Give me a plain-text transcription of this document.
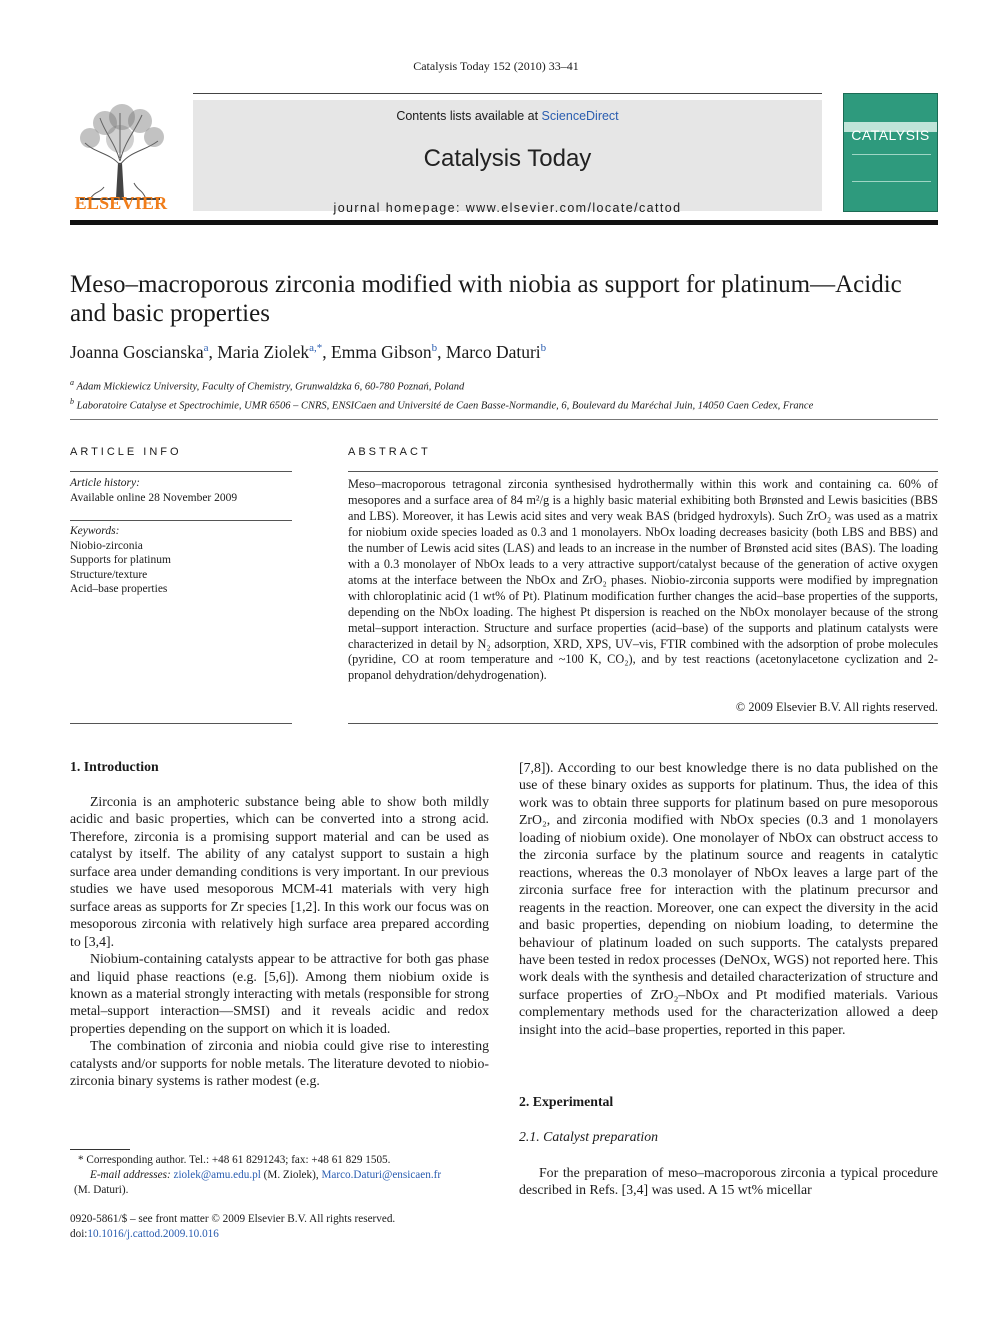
Catalysis Today 152 (2010) 33–41
ELSEVIER
Contents lists available at ScienceDirect
Catalysis Today
journal homepage: www.elsevier.com/locate/cattod
CATALYSIS
Meso–macroporous zirconia modified with niobia as support for platinum—Acidic and basic properties
Joanna Goscianska$^a$, Maria Ziolek$^{a,*}$, Emma Gibson$^b$, Marco Daturi$^b$
$^a$ Adam Mickiewicz University, Faculty of Chemistry, Grunwaldzka 6, 60-780 Poznań, Poland
$^b$ Laboratoire Catalyse et Spectrochimie, UMR 6506 – CNRS, ENSICaen and Université de Caen Basse-Normandie, 6, Boulevard du Maréchal Juin, 14050 Caen Cedex, France
ARTICLE INFO	ABSTRACT
Article history:
Available online 28 November 2009
Keywords:
Niobio-zirconia
Supports for platinum
Structure/texture
Acid–base properties
Meso–macroporous tetragonal zirconia synthesised hydrothermally within this work and containing ca. 60% of mesopores and a surface area of 84 m²/g is a highly basic material exhibiting both Brønsted and Lewis basicities (BBS and LBS). Moreover, it has Lewis acid sites and very weak BAS (bridged hydroxyls). Such ZrO₂ was used as a matrix for niobium oxide species loaded as 0.3 and 1 monolayers. NbOx loading decreases basicity (both LBS and BBS) and the number of Lewis acid sites (LAS) and leads to an increase in the number of Brønsted acid sites (BAS). The loading with a 0.3 monolayer of NbOx leads to a very attractive support/catalyst because of the generation of active oxygen atoms at the interface between the NbOx and ZrO₂ phases. Niobio-zirconia supports were modified by impregnation with chloroplatinic acid (1 wt% of Pt). Platinum modification further changes the acid–base properties of the supports, depending on the NbOx loading. The highest Pt dispersion is reached on the NbOx monolayer because of the strong metal–support interaction. Structure and surface properties (acid–base) of the supports and platinum catalysts were characterized in detail by N₂ adsorption, XRD, XPS, UV–vis, FTIR combined with the adsorption of probe molecules (pyridine, CO at room temperature and ~100 K, CO₂), and by test reactions (acetonylacetone cyclization and 2-propanol dehydration/dehydrogenation).
© 2009 Elsevier B.V. All rights reserved.
1. Introduction

Zirconia is an amphoteric substance being able to show both mildly acidic and basic properties, which can be converted into a strong acid. Therefore, zirconia is a promising support material and can be used as catalyst by itself. The ability of any catalyst support to sustain a high surface area under demanding conditions is very important. In our previous studies we have used mesoporous MCM-41 materials with very high surface areas as supports for Zr species [1,2]. In this work our focus was on mesoporous zirconia with relatively high surface area prepared according to [3,4].

Niobium-containing catalysts appear to be attractive for both gas phase and liquid phase reactions (e.g. [5,6]). Among them niobium oxide is known as a material strongly interacting with metals (responsible for strong metal–support interaction—SMSI) and it reveals acidic and redox properties depending on the support on which it is loaded.

The combination of zirconia and niobia could give rise to interesting catalysts and/or supports for noble metals. The literature devoted to niobio-zirconia binary systems is rather modest (e.g.

[7,8]). According to our best knowledge there is no data published on the use of these binary oxides as supports for platinum. Thus, the idea of this work was to obtain three supports for platinum based on pure mesoporous ZrO₂, and zirconia modified with NbOx species (0.3 and 1 monolayers loading of niobium oxide). One monolayer of NbOx can obstruct access to the zirconia surface by the platinum source and reagents in catalytic reactions, whereas the 0.3 monolayer of NbOx leaves a large part of the zirconia surface free for interaction with the platinum precursor and reagents in the reaction. Moreover, one can expect the diversity in the acid and basic properties, depending on niobium loading, to determine the behaviour of platinum loaded on such supports. The catalysts prepared have been tested in redox processes (DeNOx, WGS) not reported here. This work deals with the synthesis and detailed characterization of structure and surface properties of ZrO₂–NbOx and Pt modified materials. Various complementary methods used for the characterization allowed a deep insight into the acid–base properties, reported in this paper.

2. Experimental
2.1. Catalyst preparation

For the preparation of meso–macroporous zirconia a typical procedure described in Refs. [3,4] was used. A 15 wt% micellar

* Corresponding author. Tel.: +48 61 8291243; fax: +48 61 829 1505.
E-mail addresses: ziolek@amu.edu.pl (M. Ziolek), Marco.Daturi@ensicaen.fr
(M. Daturi).
0920-5861/$ – see front matter © 2009 Elsevier B.V. All rights reserved.
doi:10.1016/j.cattod.2009.10.016
